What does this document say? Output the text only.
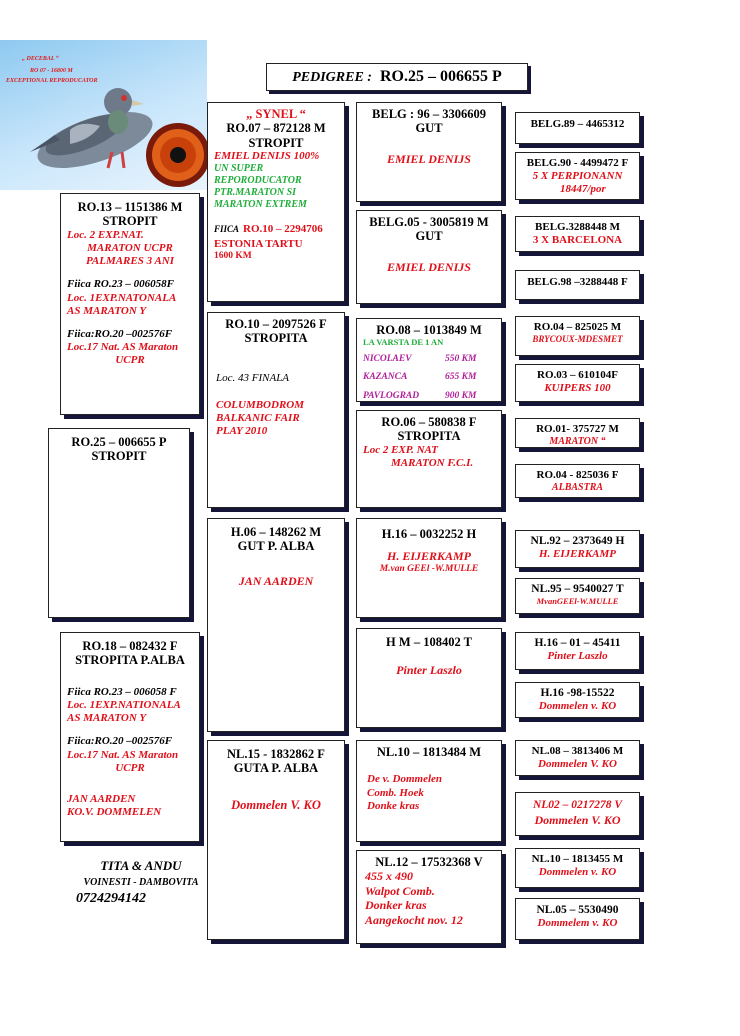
„ DECEBAL “
RO 07 - 16800 M
EXCEPTIONAL REPRODUCATOR	PEDIGREE : RO.25 – 006655 P
RO.13 – 1151386 M
STROPIT
Loc. 2 EXP.NAT.
MARATON UCPR
PALMARES 3 ANI
Fiica RO.23 – 006058F
Loc. 1EXP.NATONALA
AS MARATON Y
Fiica:RO.20 –002576F
Loc.17 Nat. AS Maraton
UCPR
RO.25 – 006655 P
STROPIT
RO.18 – 082432 F
STROPITA P.ALBA
Fiica RO.23 – 006058 F
Loc. 1EXP.NATIONALA
AS MARATON Y
Fiica:RO.20 –002576F
Loc.17 Nat. AS Maraton
UCPR
JAN AARDEN
KO.V. DOMMELEN
TITA & ANDU
VOINESTI - DAMBOVITA
0724294142
„ SYNEL “
RO.07 – 872128 M
STROPIT
EMIEL DENIJS 100%
UN SUPER
REPORODUCATOR
PTR.MARATON SI
MARATON EXTREM
FIICA RO.10 – 2294706
ESTONIA TARTU
1600 KM
RO.10 – 2097526 F
STROPITA
Loc. 43 FINALA
COLUMBODROM
BALKANIC FAIR
PLAY 2010
H.06 – 148262 M
GUT P. ALBA
JAN AARDEN
NL.15 - 1832862 F
GUTA P. ALBA
Dommelen V. KO
BELG : 96 – 3306609
GUT
EMIEL DENIJS
BELG.05 - 3005819 M
GUT
EMIEL DENIJS
RO.08 – 1013849 M
LA VARSTA DE 1 AN
NICOLAEV	550 KM
KAZANCA	655 KM
PAVLOGRAD	900 KM
RO.06 – 580838 F
STROPITA
Loc 2 EXP. NAT
MARATON F.C.I.
H.16 – 0032252 H
H. EIJERKAMP
M.van GEEl -W.MULLE
H M – 108402 T
Pinter Laszlo
NL.10 – 1813484 M
De v. Dommelen
Comb. Hoek
Donke kras
NL.12 – 17532368 V
455 x 490
Walpot Comb.
Donker kras
Aangekocht nov. 12
BELG.89 – 4465312
BELG.90 - 4499472 F
5 X PERPIONANN
18447/por
BELG.3288448 M
3 X BARCELONA
BELG.98 –3288448 F
RO.04 – 825025 M
BRYCOUX-MDESMET
RO.03 – 610104F
KUIPERS 100
RO.01- 375727 M
MARATON “
RO.04 - 825036 F
ALBASTRA
NL.92 – 2373649 H
H. EIJERKAMP
NL.95 – 9540027 T
MvanGEEl-W.MULLE
H.16 – 01 – 45411
Pinter Laszlo
H.16 -98-15522
Dommelen v. KO
NL.08 – 3813406 M
Dommelen V. KO
NL02 – 0217278 V
Dommelen V. KO
NL.10 – 1813455 M
Dommelen v. KO
NL.05 – 5530490
Dommelem v. KO
